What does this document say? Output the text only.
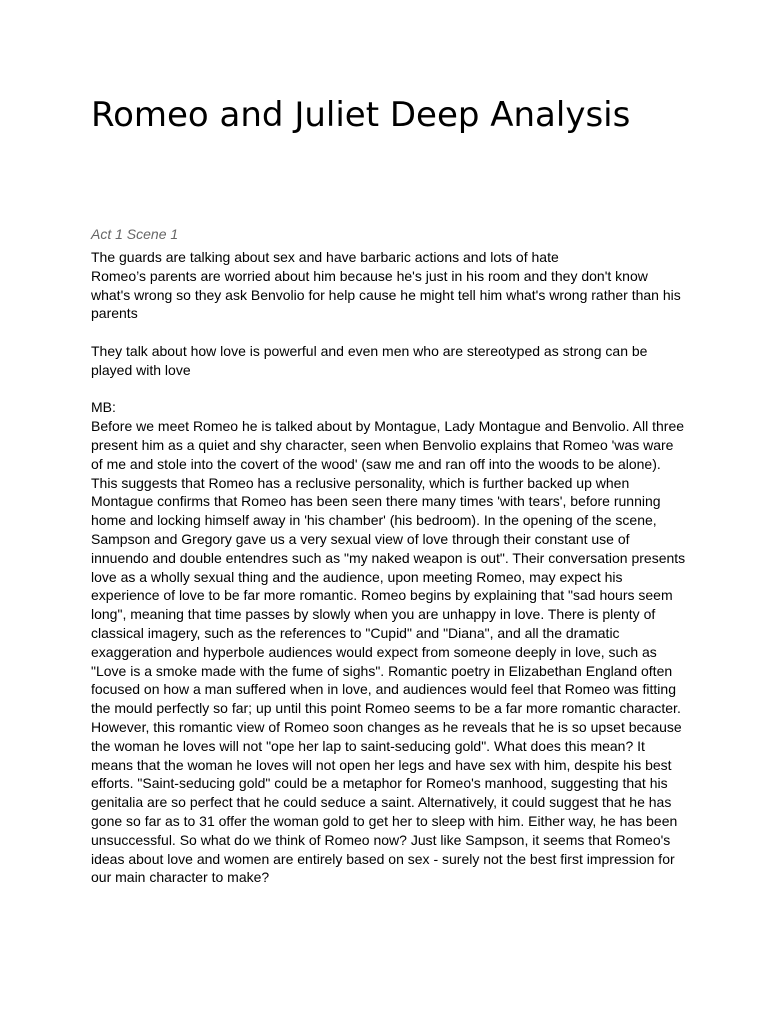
Romeo and Juliet Deep Analysis

Act 1 Scene 1

The guards are talking about sex and have barbaric actions and lots of hate
Romeo’s parents are worried about him because he's just in his room and they don't know
what's wrong so they ask Benvolio for help cause he might tell him what's wrong rather than his
parents
They talk about how love is powerful and even men who are stereotyped as strong can be
played with love
MB:
Before we meet Romeo he is talked about by Montague, Lady Montague and Benvolio. All three
present him as a quiet and shy character, seen when Benvolio explains that Romeo 'was ware
of me and stole into the covert of the wood' (saw me and ran off into the woods to be alone).
This suggests that Romeo has a reclusive personality, which is further backed up when
Montague confirms that Romeo has been seen there many times 'with tears', before running
home and locking himself away in 'his chamber' (his bedroom). In the opening of the scene,
Sampson and Gregory gave us a very sexual view of love through their constant use of
innuendo and double entendres such as "my naked weapon is out". Their conversation presents
love as a wholly sexual thing and the audience, upon meeting Romeo, may expect his
experience of love to be far more romantic. Romeo begins by explaining that "sad hours seem
long", meaning that time passes by slowly when you are unhappy in love. There is plenty of
classical imagery, such as the references to "Cupid" and "Diana", and all the dramatic
exaggeration and hyperbole audiences would expect from someone deeply in love, such as
"Love is a smoke made with the fume of sighs". Romantic poetry in Elizabethan England often
focused on how a man suffered when in love, and audiences would feel that Romeo was fitting
the mould perfectly so far; up until this point Romeo seems to be a far more romantic character.
However, this romantic view of Romeo soon changes as he reveals that he is so upset because
the woman he loves will not "ope her lap to saint-seducing gold". What does this mean? It
means that the woman he loves will not open her legs and have sex with him, despite his best
efforts. "Saint-seducing gold" could be a metaphor for Romeo's manhood, suggesting that his
genitalia are so perfect that he could seduce a saint. Alternatively, it could suggest that he has
gone so far as to 31 offer the woman gold to get her to sleep with him. Either way, he has been
unsuccessful. So what do we think of Romeo now? Just like Sampson, it seems that Romeo's
ideas about love and women are entirely based on sex - surely not the best first impression for
our main character to make?
